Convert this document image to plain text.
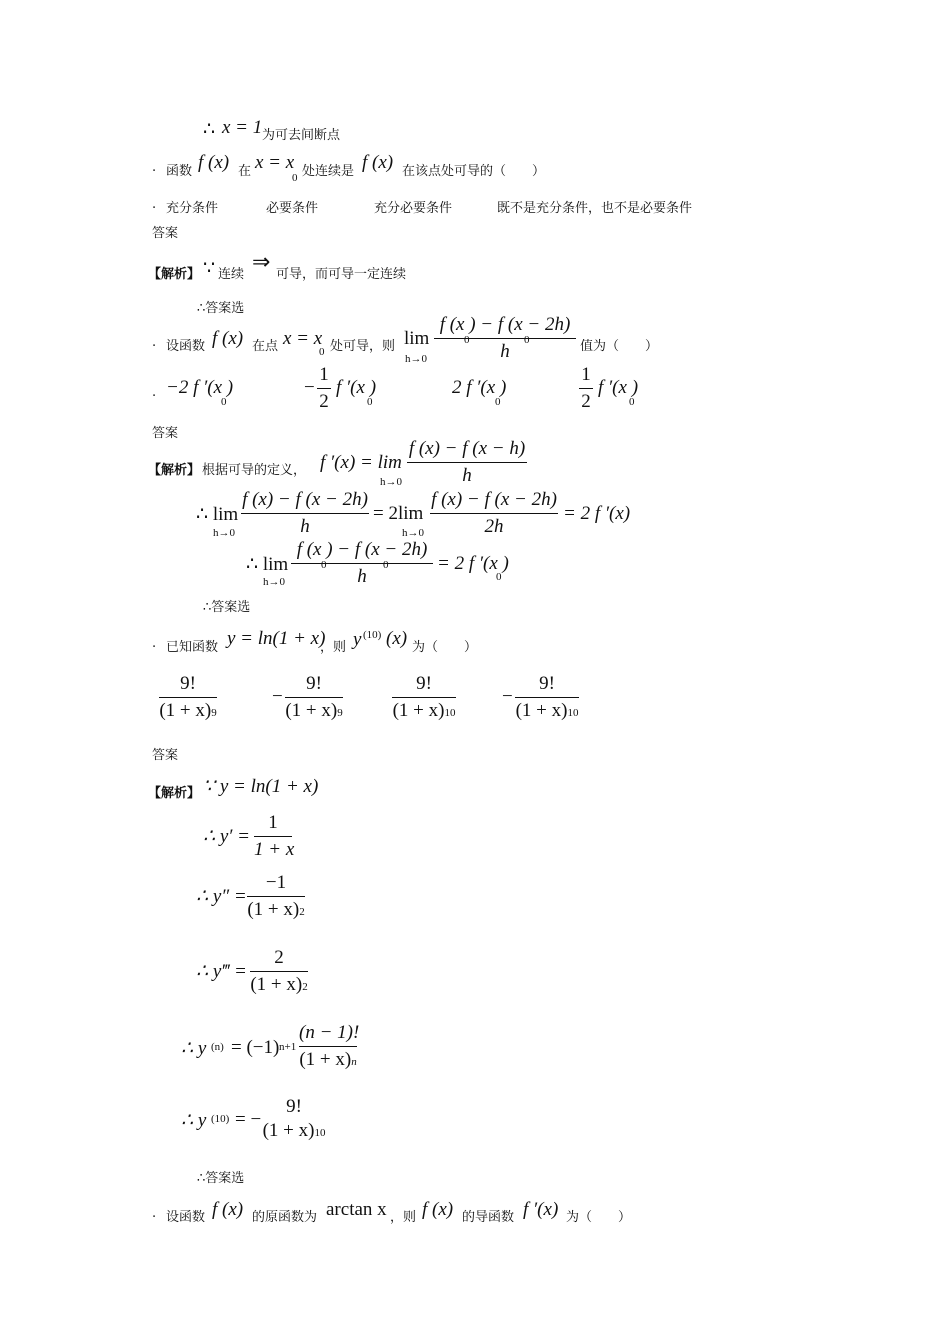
∴ x = 1 为可去间断点
. 函数 f (x) 在 x = x
0 处连续是 f (x) 在该点处可导的（　　）
. 充分条件	必要条件	充分必要条件	既不是充分条件，也不是必要条件
答案
【解析】 ∵ 连续
⇒
可导，而可导一定连续
∴答案选
. 设函数 f (x) 在点 x = x
0 处可导，则 lim
h→0
f (x ) − f (x − 2h)
h
0	0	值为（　　）
. −2 f ′(x )
0
−
1
2
f ′(x )
0
2 f ′(x )
0
1
2
f ′(x )
0
答案
【解析】 根据可导的定义， f ′(x) = lim
h→0
f (x) − f (x − h)
h
∴ lim
h→0
f (x) − f (x − 2h)
h
= 2lim
h→0
f (x) − f (x − 2h)
2h
= 2 f ′(x)
∴ lim
h→0
f (x ) − f (x − 2h)
h
0	0	= 2 f ′(x )
0
∴答案选
. 已知函数 y = ln(1 + x)
，则 y (10) (x) 为（　　）
9!
(1 + x)9
−
9!
(1 + x)9
9!
(1 + x)10
−
9!
(1 + x)10
答案
【解析】 ∵ y = ln(1 + x)
∴ y′ =
1
1 + x
∴ y″ =
−1
(1 + x)2
∴ y‴ =
2
(1 + x)2
∴ y (n) = (−1) n+1
(n − 1)!
(1 + x)n
∴ y (10) = −
9!
(1 + x)10
∴答案选
. 设函数 f (x) 的原函数为 arctan x ，则 f (x) 的导函数 f ′(x) 为（　　）
